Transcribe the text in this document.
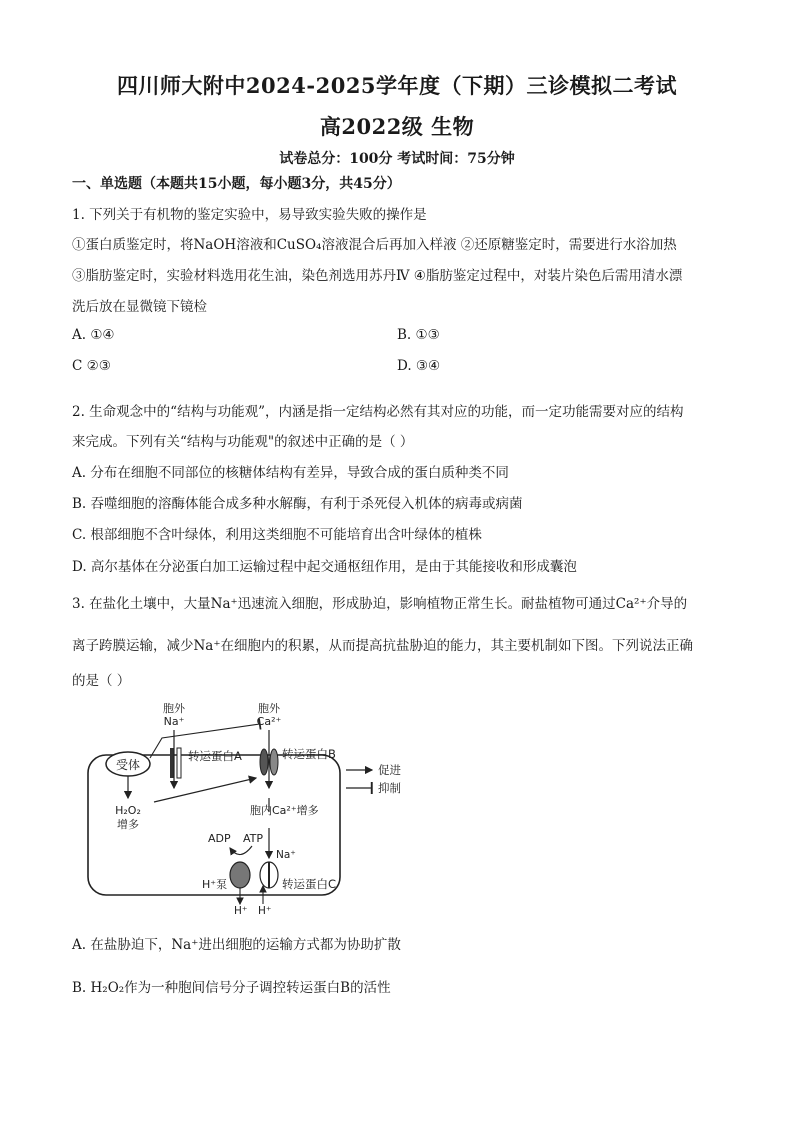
四川师大附中2024-2025学年度（下期）三诊模拟二考试
高2022级 生物
试卷总分：100分 考试时间：75分钟
一、单选题（本题共15小题，每小题3分，共45分）
1. 下列关于有机物的鉴定实验中，易导致实验失败的操作是
①蛋白质鉴定时，将NaOH溶液和CuSO₄溶液混合后再加入样液 ②还原糖鉴定时，需要进行水浴加热
③脂肪鉴定时，实验材料选用花生油，染色剂选用苏丹Ⅳ ④脂肪鉴定过程中，对装片染色后需用清水漂
洗后放在显微镜下镜检
A. ①④	B. ①③
C ②③	D. ③④
2. 生命观念中的“结构与功能观”，内涵是指一定结构必然有其对应的功能，而一定功能需要对应的结构
来完成。下列有关“结构与功能观"的叙述中正确的是（ ）
A. 分布在细胞不同部位的核糖体结构有差异，导致合成的蛋白质种类不同
B. 吞噬细胞的溶酶体能合成多种水解酶，有利于杀死侵入机体的病毒或病菌
C. 根部细胞不含叶绿体，利用这类细胞不可能培育出含叶绿体的植株
D. 高尔基体在分泌蛋白加工运输过程中起交通枢纽作用，是由于其能接收和形成囊泡
3. 在盐化土壤中，大量Na⁺迅速流入细胞，形成胁迫，影响植物正常生长。耐盐植物可通过Ca²⁺介导的
离子跨膜运输，减少Na⁺在细胞内的积累，从而提高抗盐胁迫的能力，其主要机制如下图。下列说法正确
的是（ ）
受体
转运蛋白A	转运蛋白B
胞外
Na⁺
胞外
Ca²⁺
促进
抑制
H₂O₂
增多
胞内Ca²⁺增多
ADP ATP
H⁺泵
H⁺
Na⁺
转运蛋白C
H⁺
A. 在盐胁迫下，Na⁺进出细胞的运输方式都为协助扩散
B. H₂O₂作为一种胞间信号分子调控转运蛋白B的活性
